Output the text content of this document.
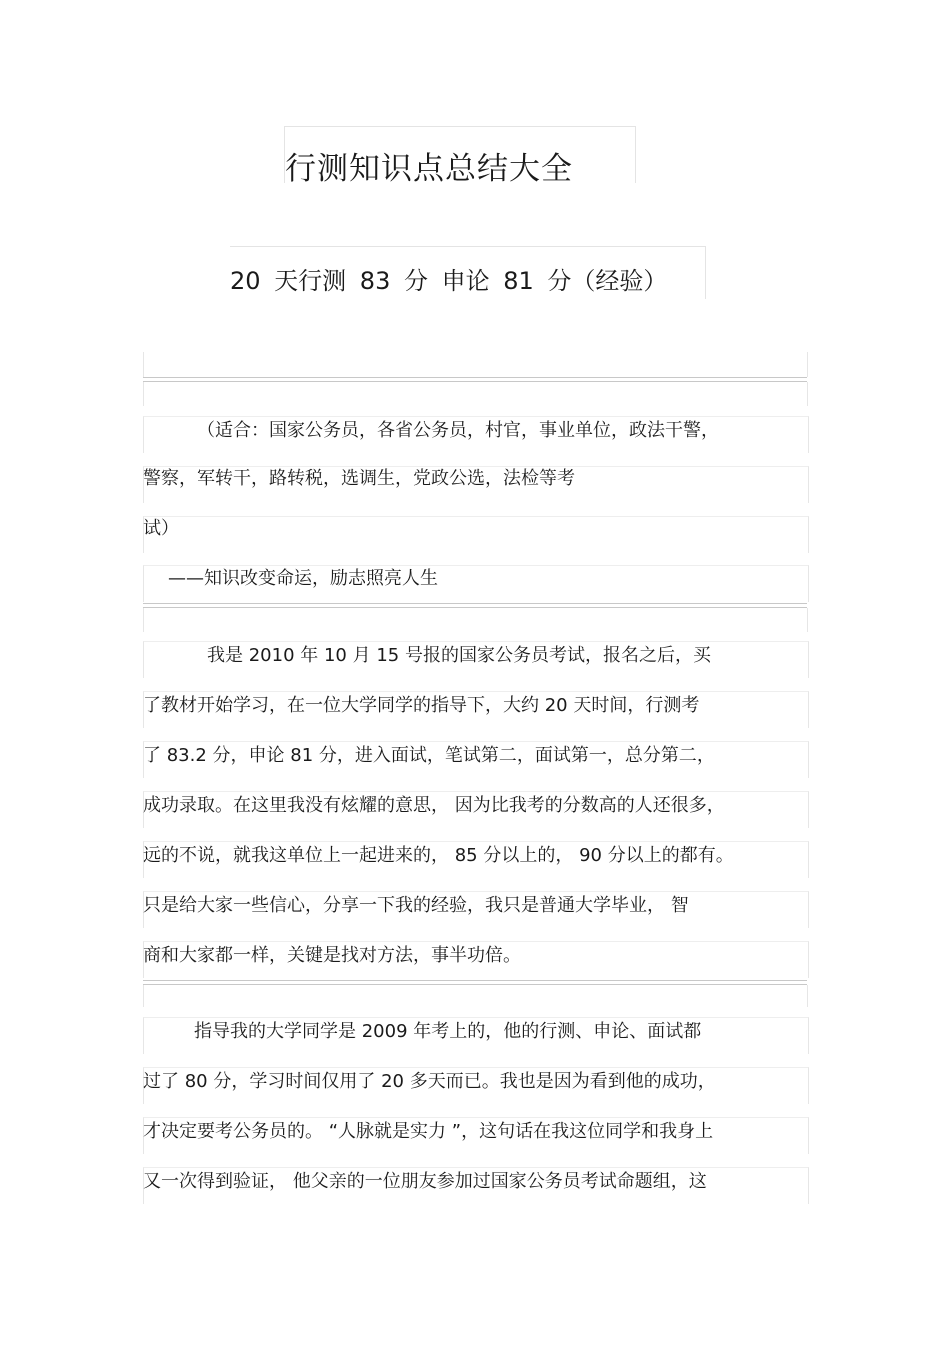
行测知识点总结大全
20 天行测 83 分 申论 81 分（经验）
（适合：国家公务员，各省公务员，村官，事业单位，政法干警，
警察，军转干，路转税，选调生，党政公选，法检等考
试）
——知识改变命运，励志照亮人生
我是 2010 年 10 月 15 号报的国家公务员考试，报名之后，买
了教材开始学习，在一位大学同学的指导下，大约 20 天时间，行测考
了 83.2 分，申论 81 分，进入面试，笔试第二，面试第一，总分第二，
成功录取。在这里我没有炫耀的意思， 因为比我考的分数高的人还很多，
远的不说，就我这单位上一起进来的， 85 分以上的， 90 分以上的都有。
只是给大家一些信心，分享一下我的经验，我只是普通大学毕业， 智
商和大家都一样，关键是找对方法，事半功倍。
指导我的大学同学是 2009 年考上的，他的行测、申论、面试都
过了 80 分，学习时间仅用了 20 多天而已。我也是因为看到他的成功，
才决定要考公务员的。 “人脉就是实力 ”，这句话在我这位同学和我身上
又一次得到验证， 他父亲的一位朋友参加过国家公务员考试命题组，这
